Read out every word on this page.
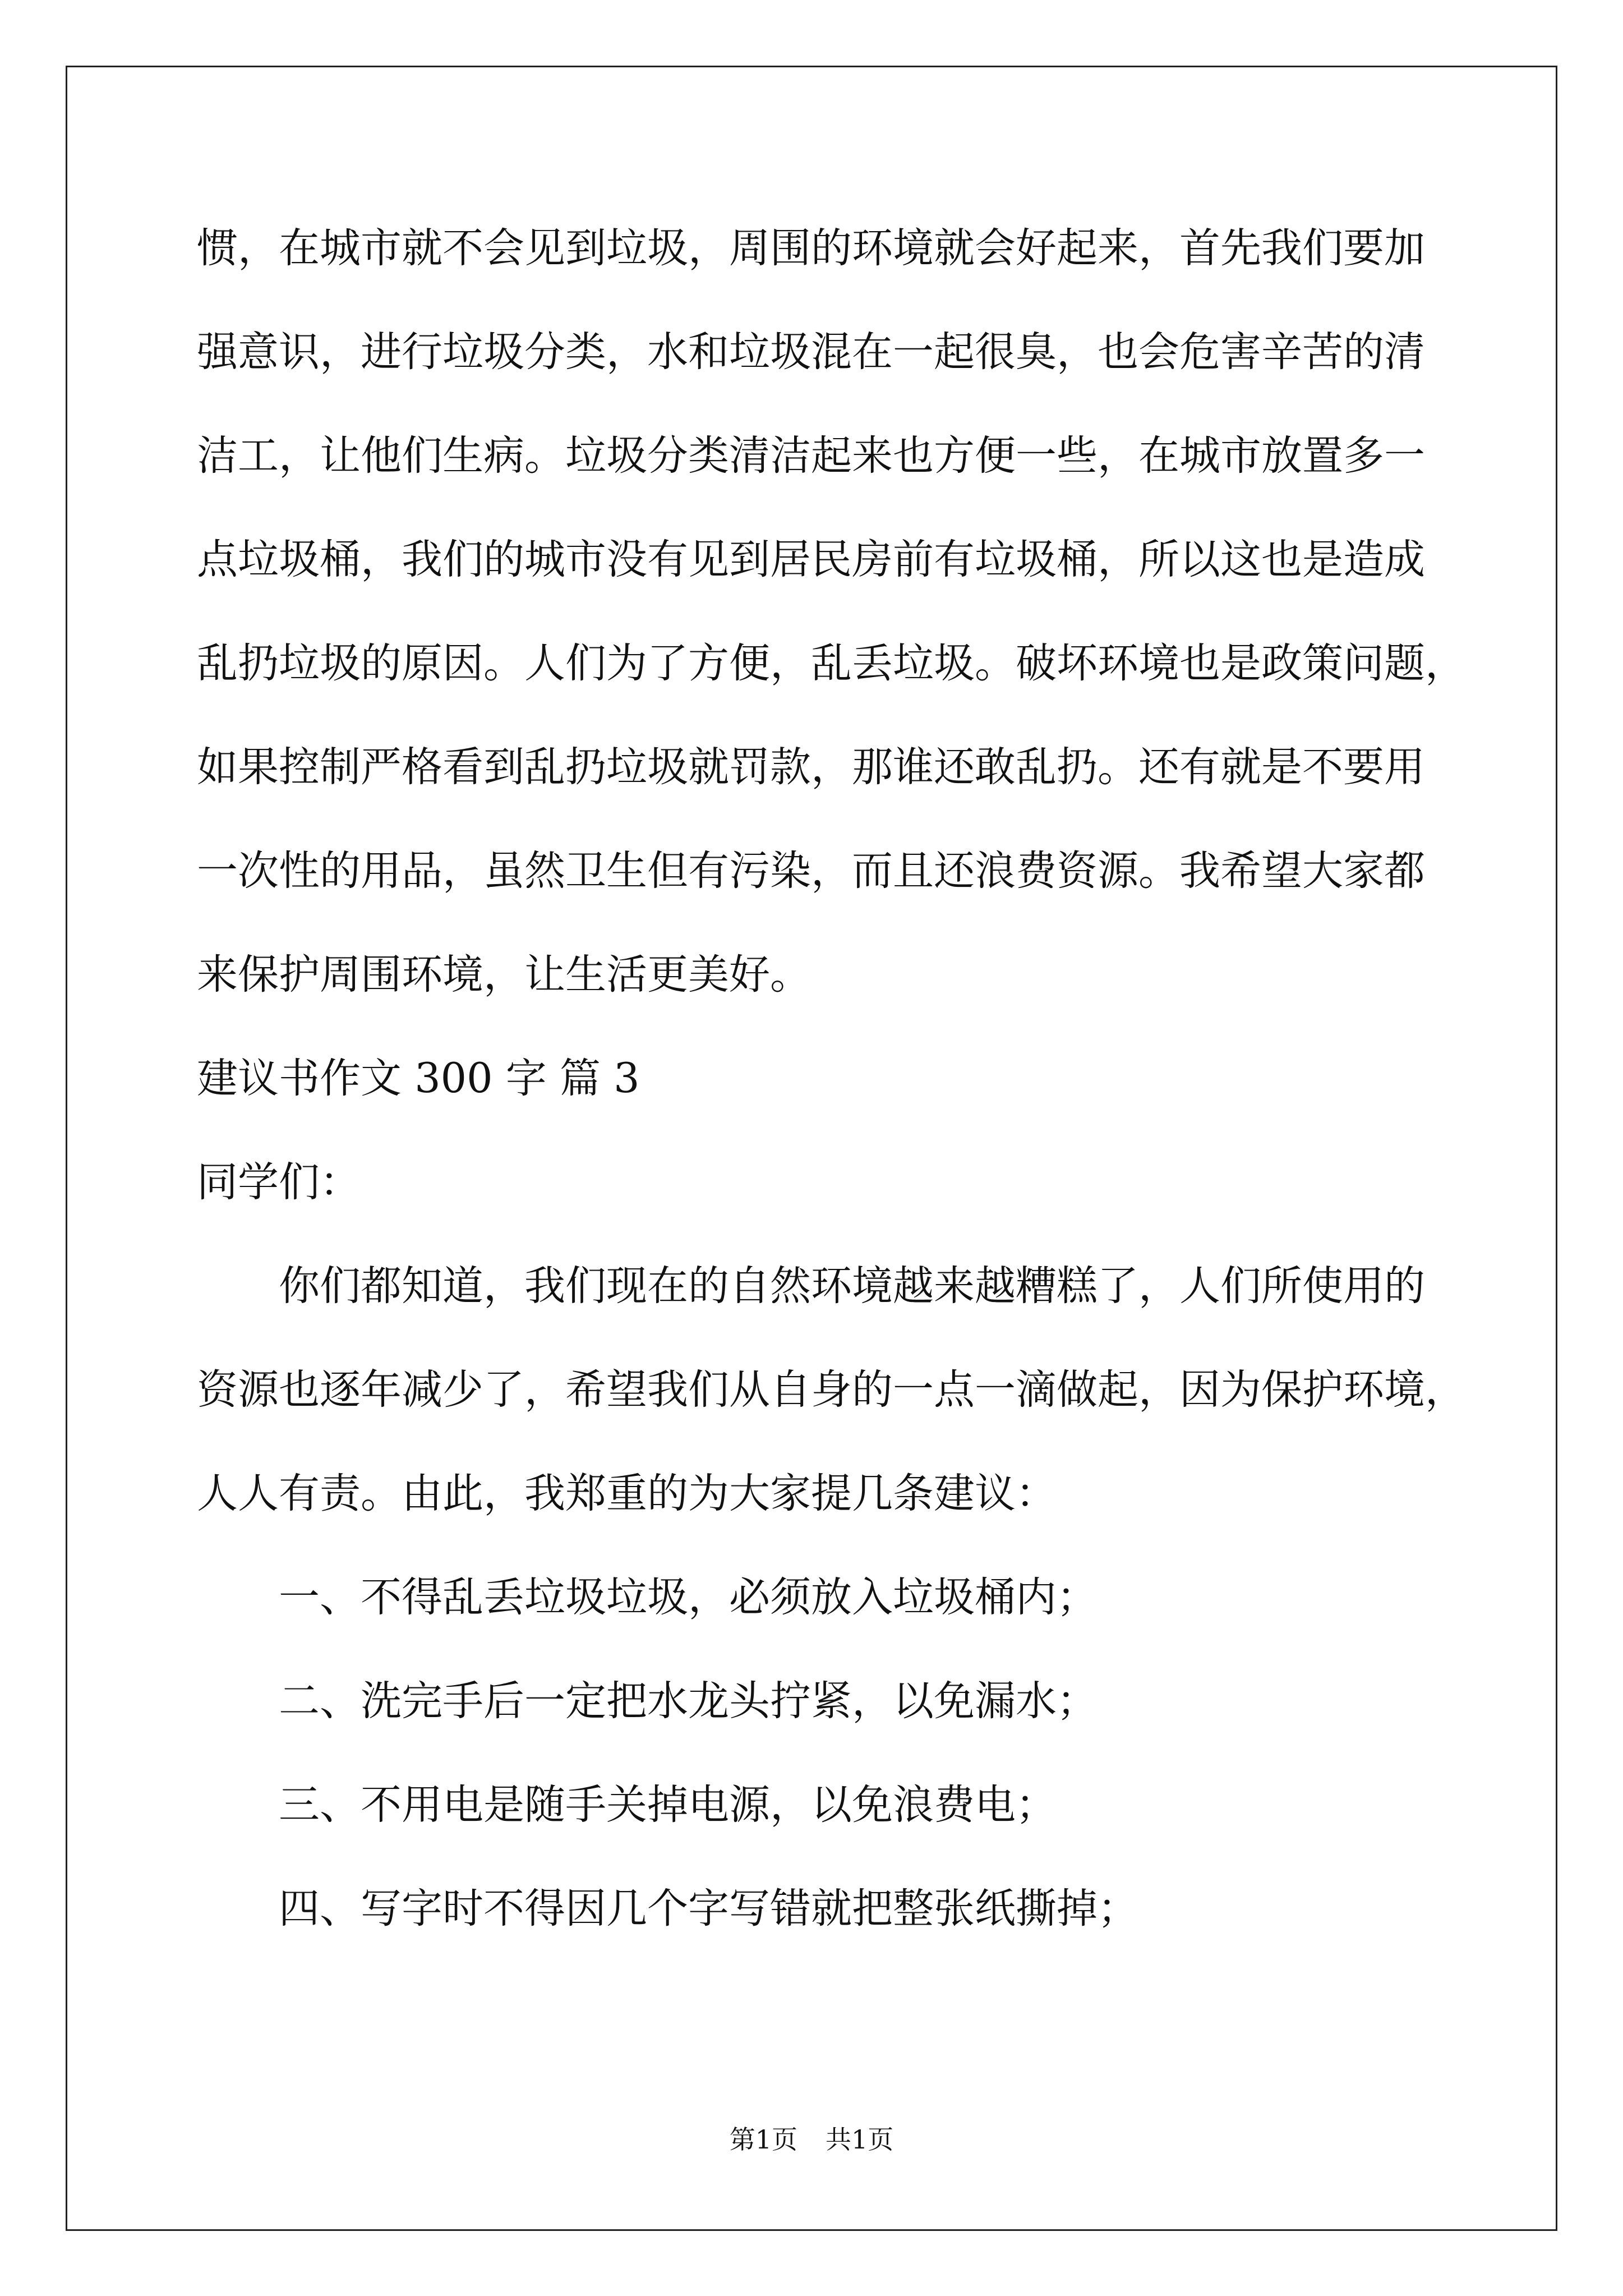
惯，在城市就不会见到垃圾，周围的环境就会好起来，首先我们要加
强意识，进行垃圾分类，水和垃圾混在一起很臭，也会危害辛苦的清
洁工，让他们生病。垃圾分类清洁起来也方便一些，在城市放置多一
点垃圾桶，我们的城市没有见到居民房前有垃圾桶，所以这也是造成
乱扔垃圾的原因。人们为了方便，乱丢垃圾。破坏环境也是政策问题，
如果控制严格看到乱扔垃圾就罚款，那谁还敢乱扔。还有就是不要用
一次性的用品，虽然卫生但有污染，而且还浪费资源。我希望大家都
来保护周围环境，让生活更美好。
建议书作文 300 字 篇 3
同学们：
你们都知道，我们现在的自然环境越来越糟糕了，人们所使用的
资源也逐年减少了，希望我们从自身的一点一滴做起，因为保护环境，
人人有责。由此，我郑重的为大家提几条建议：
一、不得乱丢垃圾垃圾，必须放入垃圾桶内；
二、洗完手后一定把水龙头拧紧，以免漏水；
三、不用电是随手关掉电源，以免浪费电；
四、写字时不得因几个字写错就把整张纸撕掉；
第1页 共1页
